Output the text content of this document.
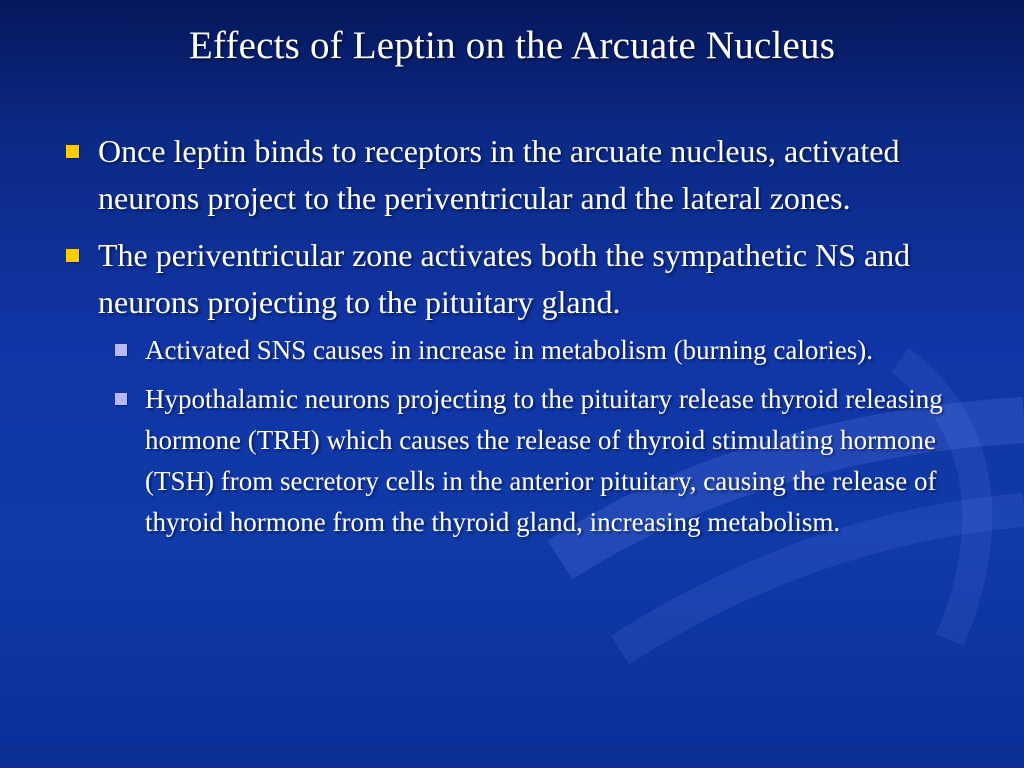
Effects of Leptin on the Arcuate Nucleus
Once leptin binds to receptors in the arcuate nucleus, activated neurons project to the periventricular and the lateral zones.
The periventricular zone activates both the sympathetic NS and neurons projecting to the pituitary gland.
Activated SNS causes in increase in metabolism (burning calories).
Hypothalamic neurons projecting to the pituitary release thyroid releasing hormone (TRH) which causes the release of thyroid stimulating hormone (TSH) from secretory cells in the anterior pituitary, causing the release of thyroid hormone from the thyroid gland, increasing metabolism.
